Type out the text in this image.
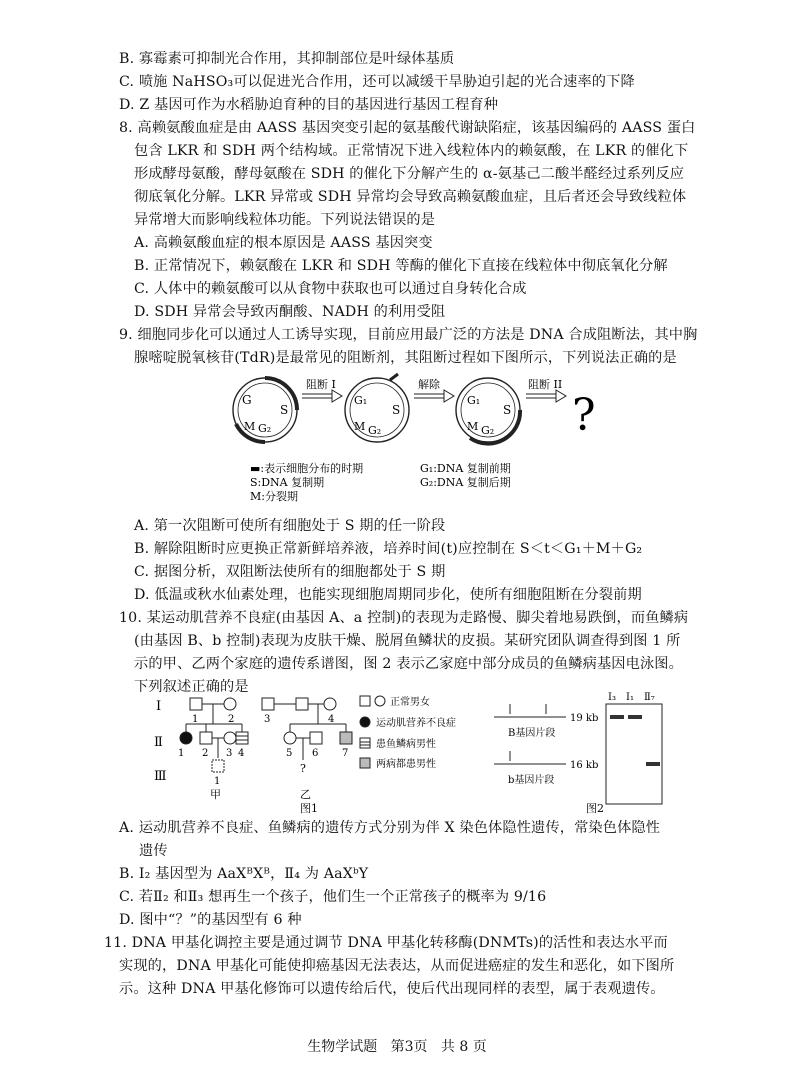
B. 寡霉素可抑制光合作用，其抑制部位是叶绿体基质
C. 喷施 NaHSO₃可以促进光合作用，还可以减缓干旱胁迫引起的光合速率的下降
D. Z 基因可作为水稻胁迫育种的目的基因进行基因工程育种
8. 高赖氨酸血症是由 AASS 基因突变引起的氨基酸代谢缺陷症，该基因编码的 AASS 蛋白
包含 LKR 和 SDH 两个结构域。正常情况下进入线粒体内的赖氨酸，在 LKR 的催化下
形成酵母氨酸，酵母氨酸在 SDH 的催化下分解产生的 α-氨基己二酸半醛经过系列反应
彻底氧化分解。LKR 异常或 SDH 异常均会导致高赖氨酸血症，且后者还会导致线粒体
异常增大而影响线粒体功能。下列说法错误的是
A. 高赖氨酸血症的根本原因是 AASS 基因突变
B. 正常情况下，赖氨酸在 LKR 和 SDH 等酶的催化下直接在线粒体中彻底氧化分解
C. 人体中的赖氨酸可以从食物中获取也可以通过自身转化合成
D. SDH 异常会导致丙酮酸、NADH 的利用受阻
9. 细胞同步化可以通过人工诱导实现，目前应用最广泛的方法是 DNA 合成阻断法，其中胸
腺嘧啶脱氧核苷(TdR)是最常见的阻断剂，其阻断过程如下图所示，下列说法正确的是
G
S
M G₂
阻断 I
G₁
S
M G₂
解除
G₁
S
M G₂
阻断 II
?
▬:表示细胞分布的时期
S:DNA 复制期
M:分裂期
G₁:DNA 复制前期
G₂:DNA 复制后期
A. 第一次阻断可使所有细胞处于 S 期的任一阶段
B. 解除阻断时应更换正常新鲜培养液，培养时间(t)应控制在 S＜t＜G₁＋M＋G₂
C. 据图分析，双阻断法使所有的细胞都处于 S 期
D. 低温或秋水仙素处理，也能实现细胞周期同步化，使所有细胞阻断在分裂前期
10. 某运动肌营养不良症(由基因 A、a 控制)的表现为走路慢、脚尖着地易跌倒，而鱼鳞病
(由基因 B、b 控制)表现为皮肤干燥、脱屑鱼鳞状的皮损。某研究团队调查得到图 1 所
示的甲、乙两个家庭的遗传系谱图，图 2 表示乙家庭中部分成员的鱼鳞病基因电泳图。
下列叙述正确的是
I
Ⅱ
Ⅲ
1	2
1 2 3 4
1
甲
3	4
5 6 7
?
乙
正常男女
运动肌营养不良症
患鱼鳞病男性
两病都患男性
图1
I₃ I₁ Ⅱ₇
19 kb
B基因片段
16 kb
b基因片段
图2
A. 运动肌营养不良症、鱼鳞病的遗传方式分别为伴 X 染色体隐性遗传，常染色体隐性
遗传
B. I₂ 基因型为 AaXᴮXᴮ，Ⅱ₄ 为 AaXᵇY
C. 若Ⅱ₂ 和Ⅱ₃ 想再生一个孩子，他们生一个正常孩子的概率为 9/16
D. 图中“？”的基因型有 6 种
11. DNA 甲基化调控主要是通过调节 DNA 甲基化转移酶(DNMTs)的活性和表达水平而
实现的，DNA 甲基化可能使抑癌基因无法表达，从而促进癌症的发生和恶化，如下图所
示。这种 DNA 甲基化修饰可以遗传给后代，使后代出现同样的表型，属于表观遗传。
生物学试题 第3页 共 8 页
